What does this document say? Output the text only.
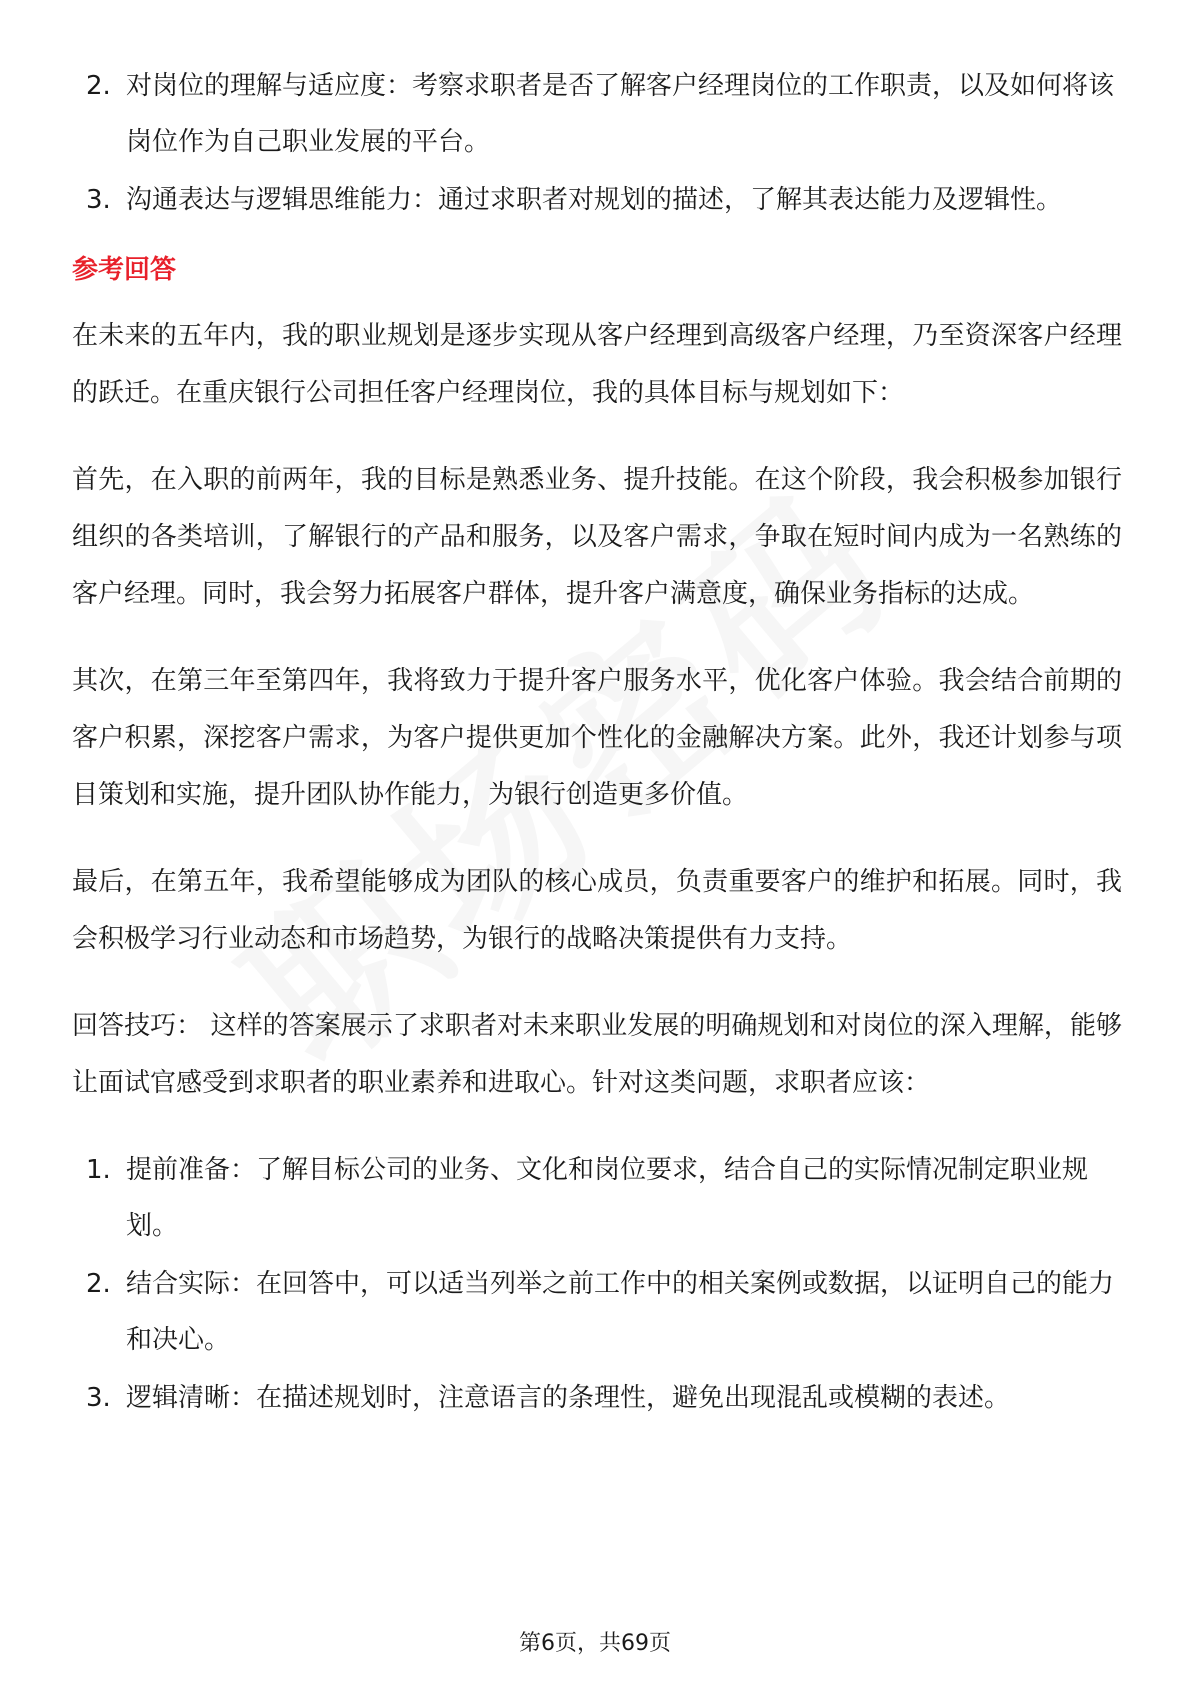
2. 对岗位的理解与适应度：考察求职者是否了解客户经理岗位的工作职责，以及如何将该岗位作为自己职业发展的平台。
3. 沟通表达与逻辑思维能力：通过求职者对规划的描述，了解其表达能力及逻辑性。
参考回答

在未来的五年内，我的职业规划是逐步实现从客户经理到高级客户经理，乃至资深客户经理的跃迁。在重庆银行公司担任客户经理岗位，我的具体目标与规划如下：

首先，在入职的前两年，我的目标是熟悉业务、提升技能。在这个阶段，我会积极参加银行组织的各类培训，了解银行的产品和服务，以及客户需求，争取在短时间内成为一名熟练的客户经理。同时，我会努力拓展客户群体，提升客户满意度，确保业务指标的达成。

其次，在第三年至第四年，我将致力于提升客户服务水平，优化客户体验。我会结合前期的客户积累，深挖客户需求，为客户提供更加个性化的金融解决方案。此外，我还计划参与项目策划和实施，提升团队协作能力，为银行创造更多价值。

最后，在第五年，我希望能够成为团队的核心成员，负责重要客户的维护和拓展。同时，我会积极学习行业动态和市场趋势，为银行的战略决策提供有力支持。

回答技巧： 这样的答案展示了求职者对未来职业发展的明确规划和对岗位的深入理解，能够让面试官感受到求职者的职业素养和进取心。针对这类问题，求职者应该：

1. 提前准备：了解目标公司的业务、文化和岗位要求，结合自己的实际情况制定职业规划。
2. 结合实际：在回答中，可以适当列举之前工作中的相关案例或数据，以证明自己的能力和决心。
3. 逻辑清晰：在描述规划时，注意语言的条理性，避免出现混乱或模糊的表述。
第6页，共69页
